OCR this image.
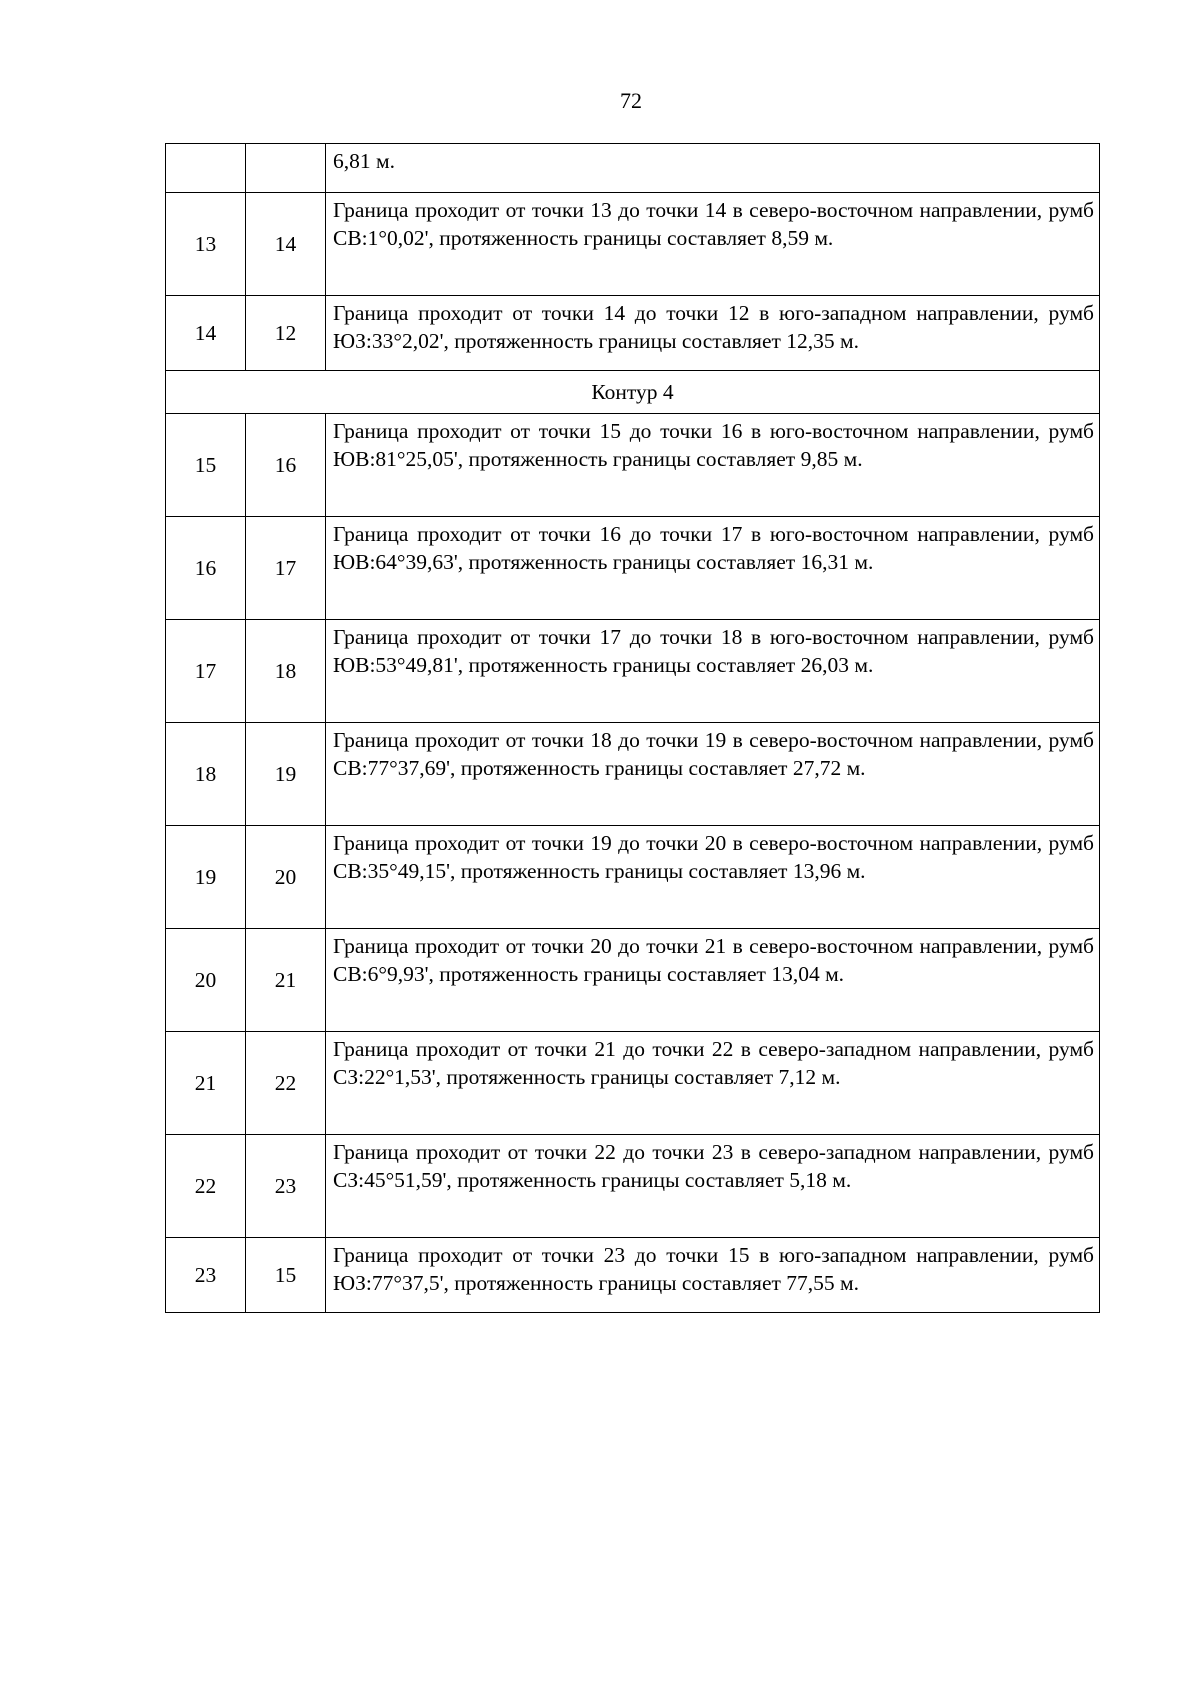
72
		6,81 м.
13	14	Граница проходит от точки 13 до точки 14 в северо-восточном направлении, румб СВ:1°0,02', протяженность границы составляет 8,59 м.
14	12	Граница проходит от точки 14 до точки 12 в юго-западном направлении, румб ЮЗ:33°2,02', протяженность границы составляет 12,35 м.
Контур 4		
15	16	Граница проходит от точки 15 до точки 16 в юго-восточном направлении, румб ЮВ:81°25,05', протяженность границы составляет 9,85 м.
16	17	Граница проходит от точки 16 до точки 17 в юго-восточном направлении, румб ЮВ:64°39,63', протяженность границы составляет 16,31 м.
17	18	Граница проходит от точки 17 до точки 18 в юго-восточном направлении, румб ЮВ:53°49,81', протяженность границы составляет 26,03 м.
18	19	Граница проходит от точки 18 до точки 19 в северо-восточном направлении, румб СВ:77°37,69', протяженность границы составляет 27,72 м.
19	20	Граница проходит от точки 19 до точки 20 в северо-восточном направлении, румб СВ:35°49,15', протяженность границы составляет 13,96 м.
20	21	Граница проходит от точки 20 до точки 21 в северо-восточном направлении, румб СВ:6°9,93', протяженность границы составляет 13,04 м.
21	22	Граница проходит от точки 21 до точки 22 в северо-западном направлении, румб СЗ:22°1,53', протяженность границы составляет 7,12 м.
22	23	Граница проходит от точки 22 до точки 23 в северо-западном направлении, румб СЗ:45°51,59', протяженность границы составляет 5,18 м.
23	15	Граница проходит от точки 23 до точки 15 в юго-западном направлении, румб ЮЗ:77°37,5', протяженность границы составляет 77,55 м.
